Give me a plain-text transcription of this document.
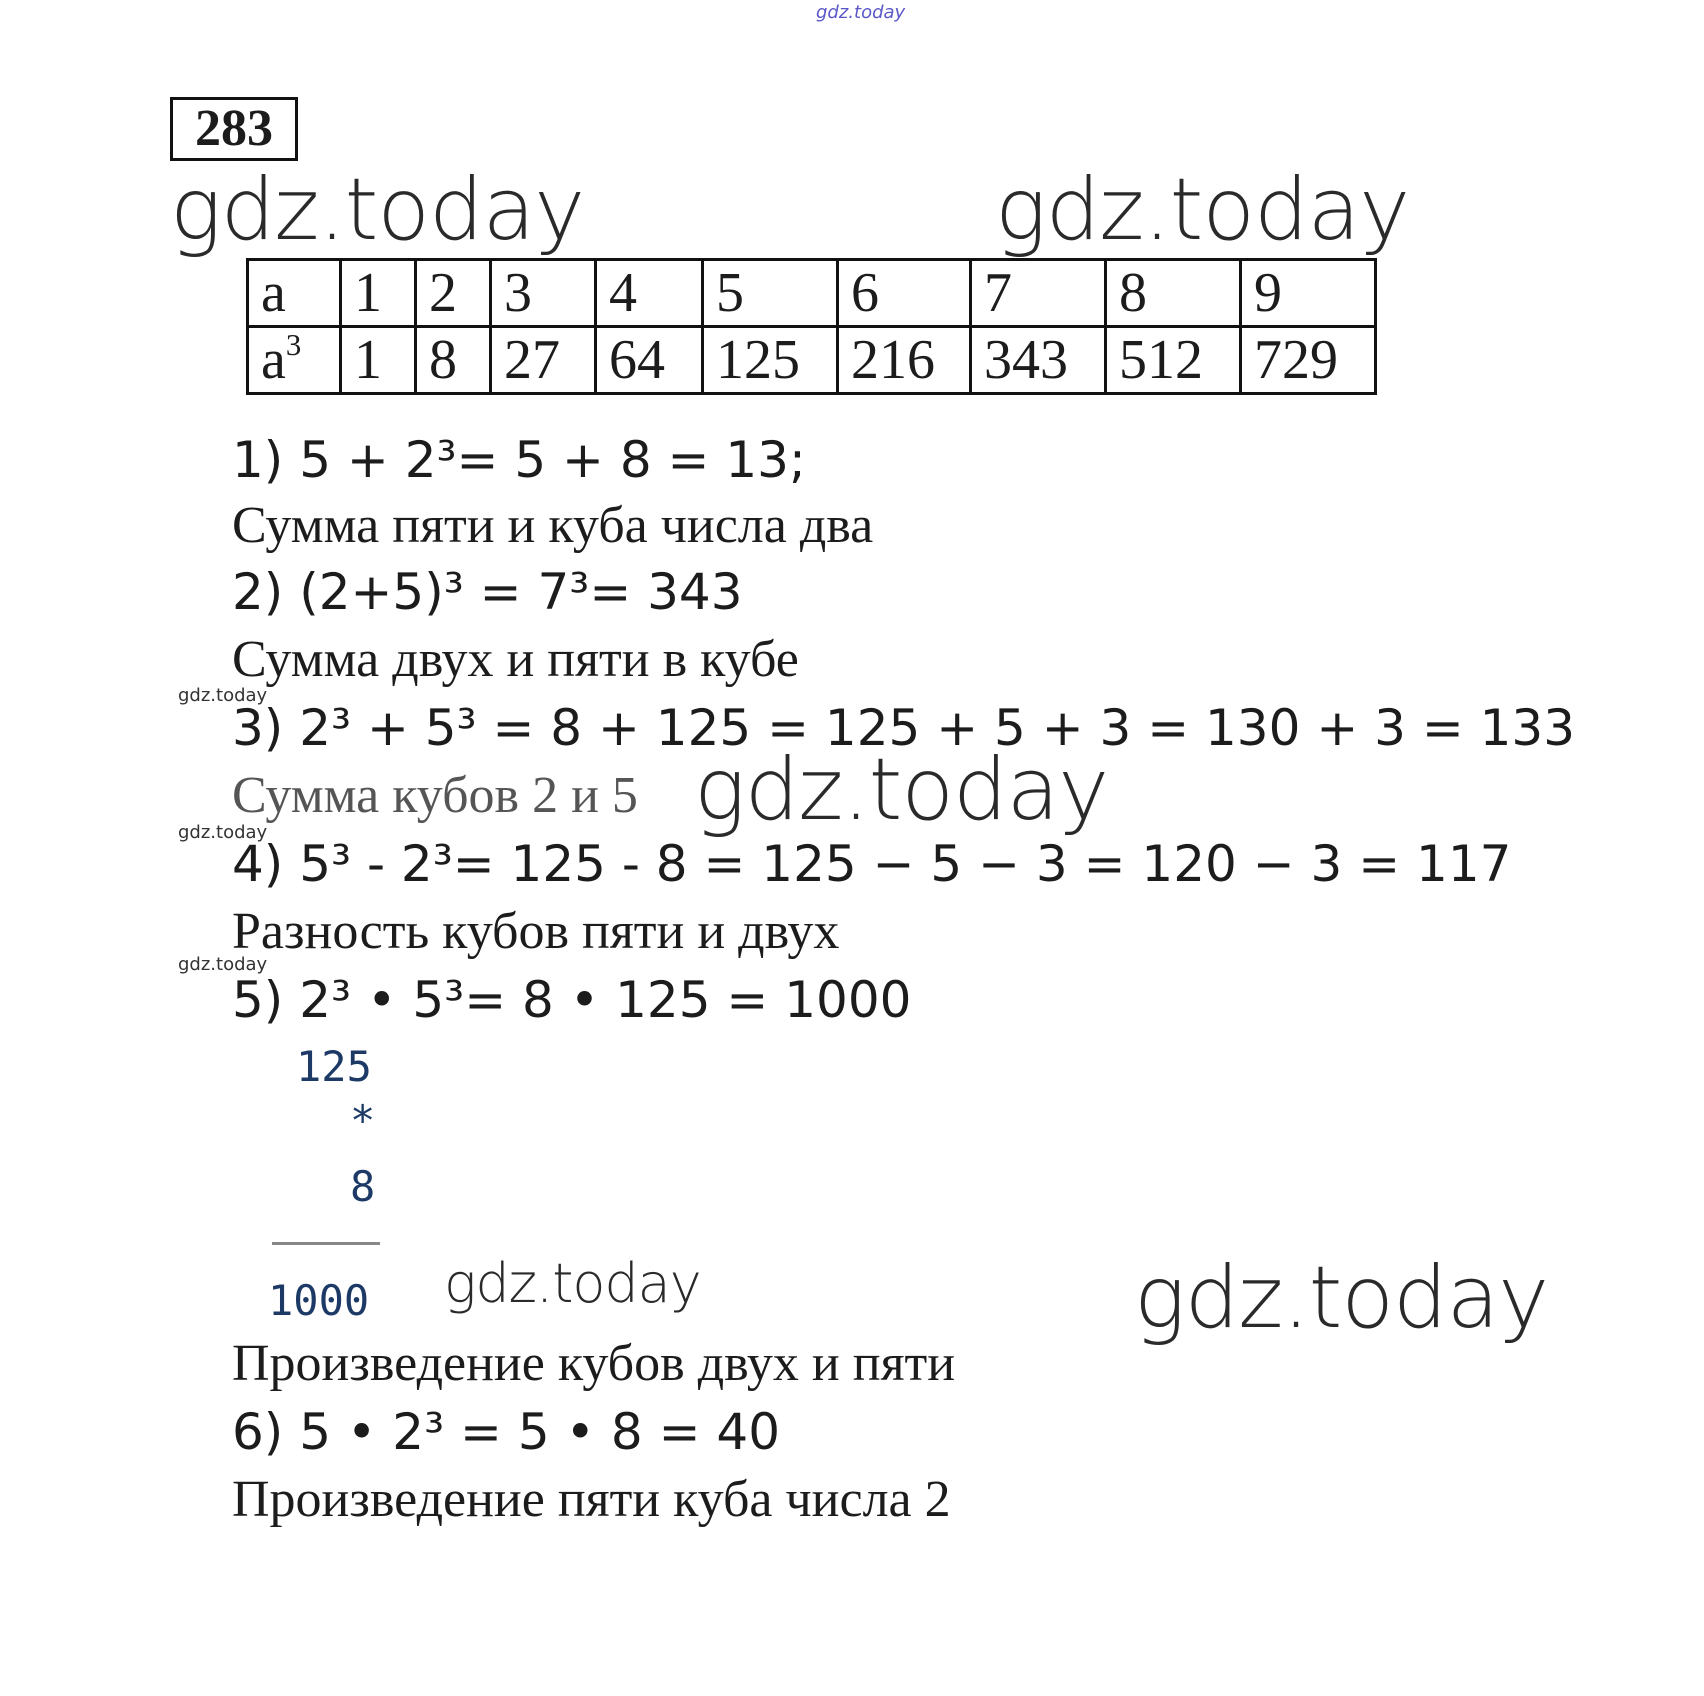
gdz.today
gdz.today	gdz.today
gdz.today
gdz.today
gdz.today
gdz.today
gdz.today	gdz.today
283
a	1	2	3	4	5	6	7	8	9
$a^3$	1	8	27	64	125	216	343	512	729
1) 5 + 2³= 5 + 8 = 13;
Сумма пяти и куба числа два
2) (2+5)³ = 7³= 343
Сумма двух и пяти в кубе
3) 2³ + 5³ = 8 + 125 = 125 + 5 + 3 = 130 + 3 = 133
Сумма кубов 2 и 5
4) 5³ - 2³= 125 - 8 = 125 − 5 − 3 = 120 − 3 = 117
Разность кубов пяти и двух
5) 2³ • 5³= 8 • 125 = 1000
125
*
8
1000
Произведение кубов двух и пяти
6) 5 • 2³ = 5 • 8 = 40
Произведение пяти куба числа 2
